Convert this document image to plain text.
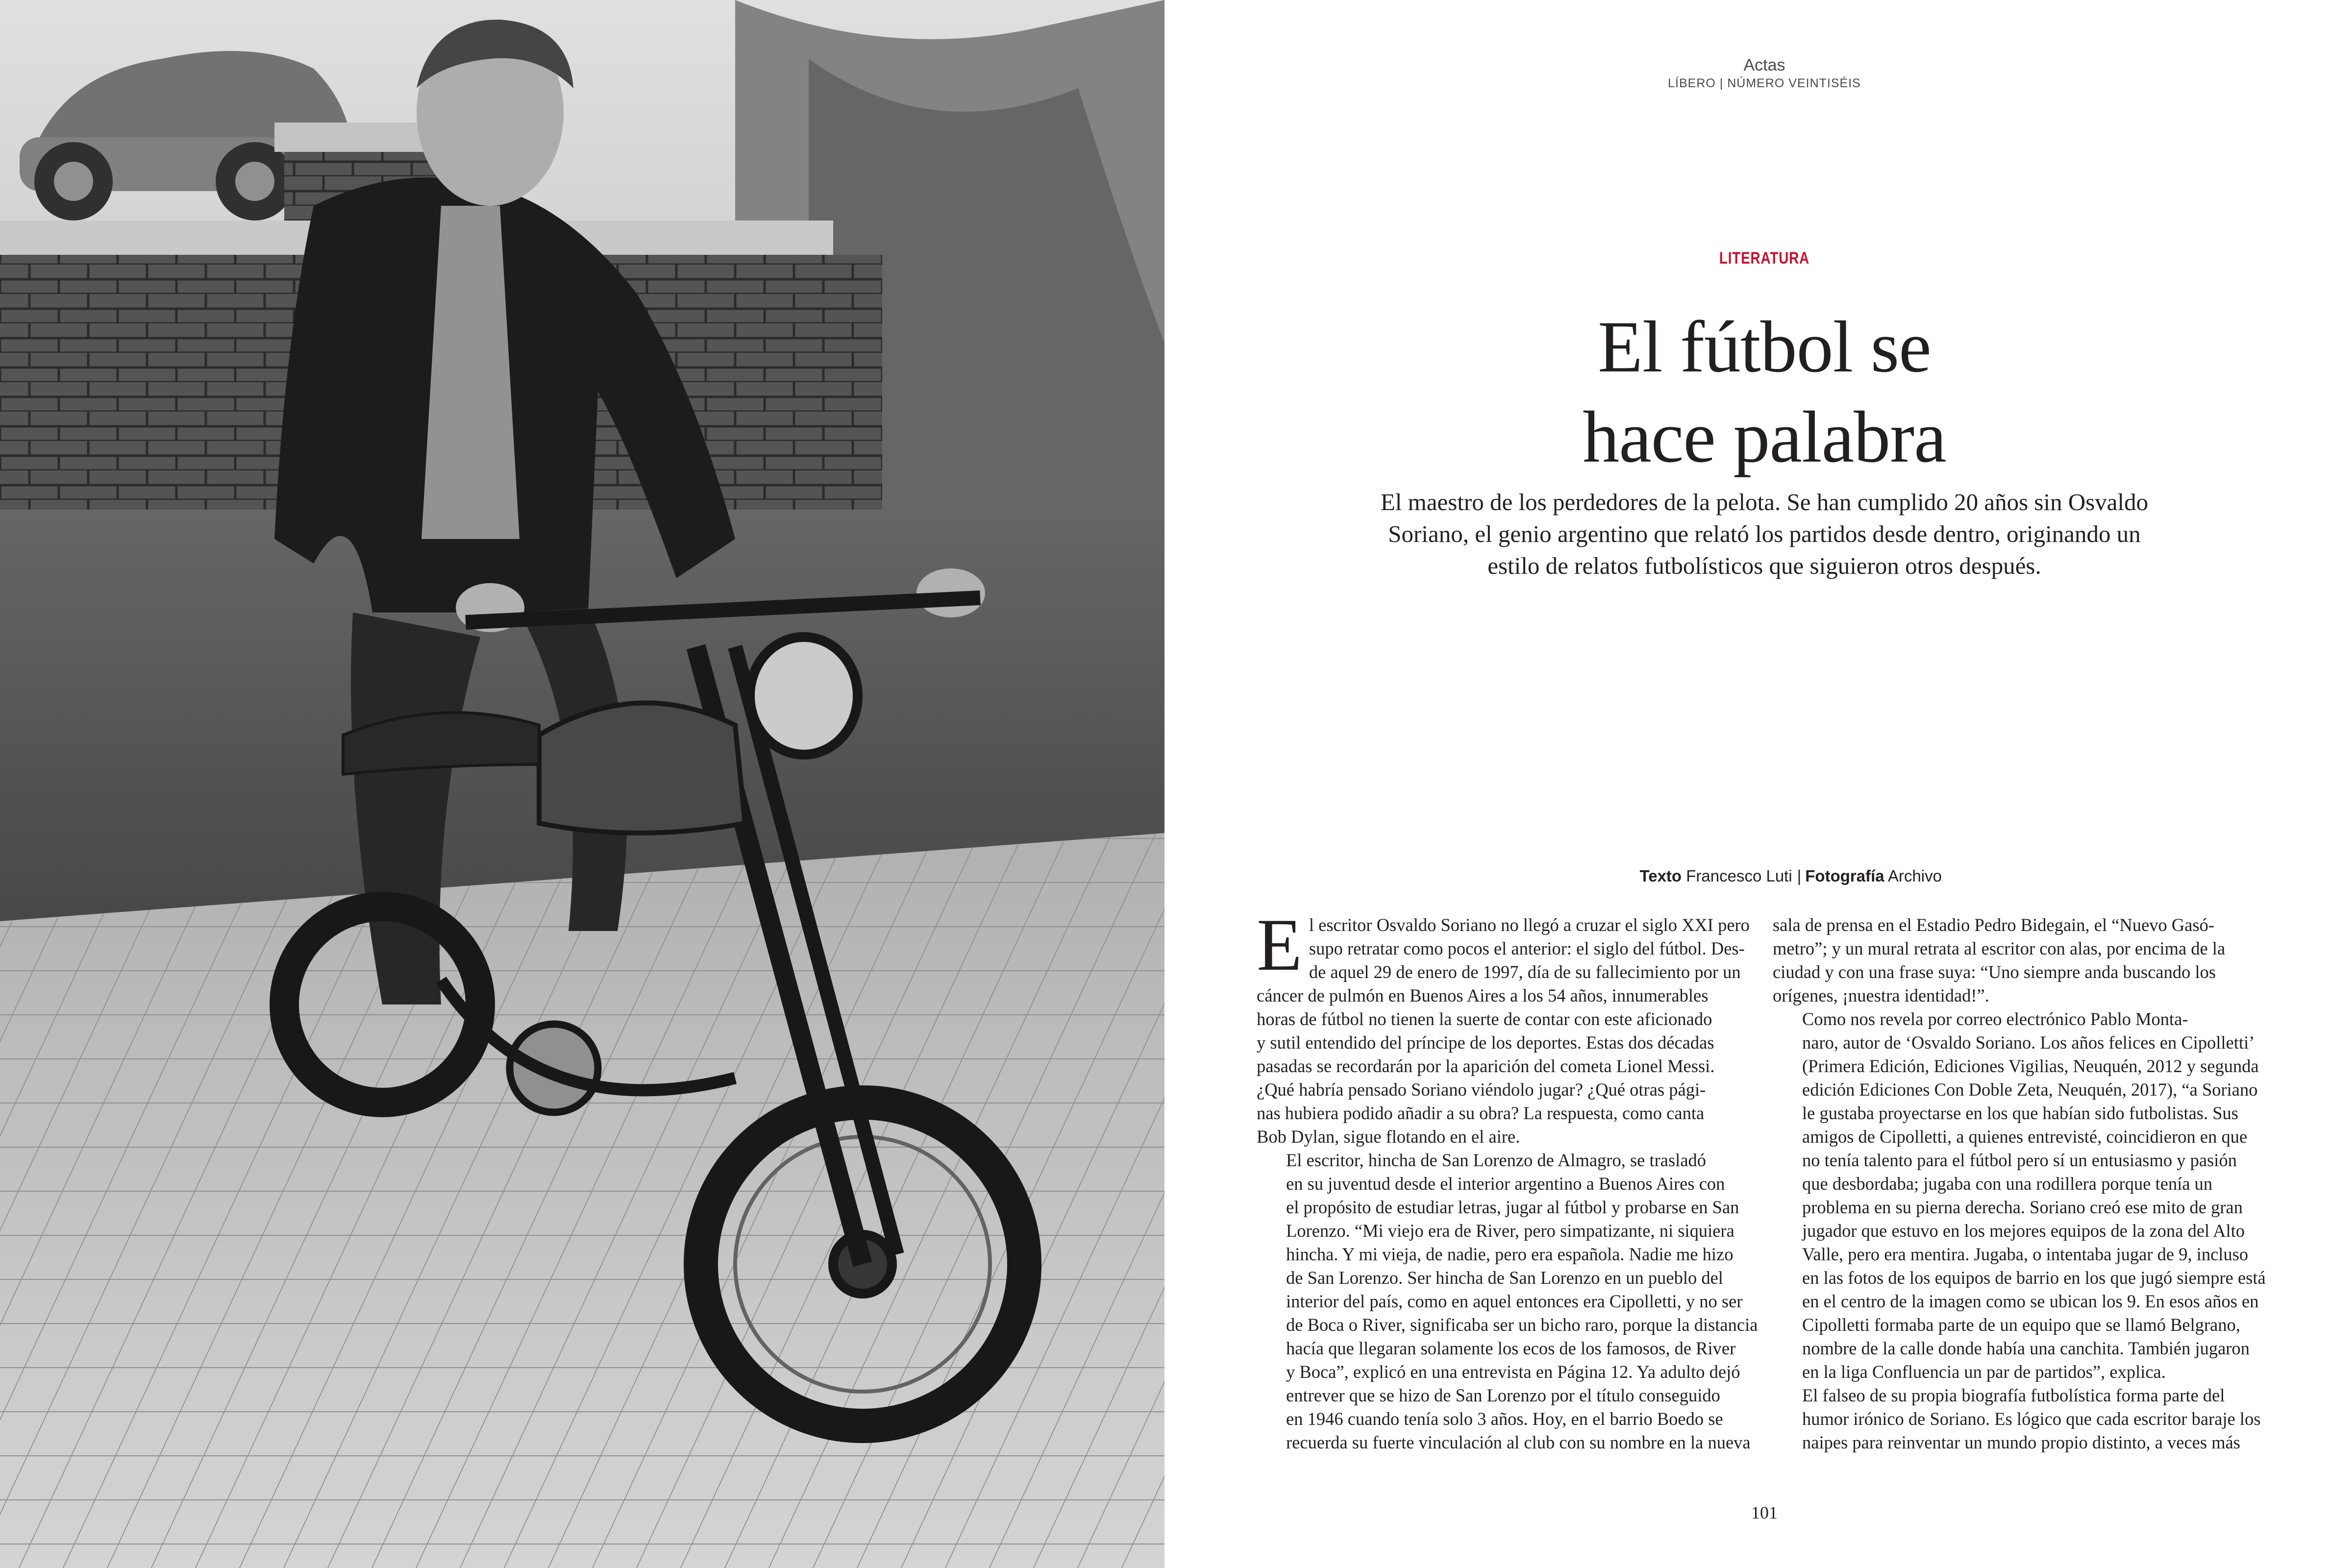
Actas
LÍBERO | NÚMERO VEINTISÉIS
LITERATURA
El fútbol se
hace palabra
El maestro de los perdedores de la pelota. Se han cumplido 20 años sin Osvaldo
Soriano, el genio argentino que relató los partidos desde dentro, originando un
estilo de relatos futbolísticos que siguieron otros después.
Texto Francesco Luti | Fotografía Archivo

E l escritor Osvaldo Soriano no llegó a cruzar el siglo XXI pero
supo retratar como pocos el anterior: el siglo del fútbol. Des-
de aquel 29 de enero de 1997, día de su fallecimiento por un
cáncer de pulmón en Buenos Aires a los 54 años, innumerables
horas de fútbol no tienen la suerte de contar con este aficionado
y sutil entendido del príncipe de los deportes. Estas dos décadas
pasadas se recordarán por la aparición del cometa Lionel Messi.
¿Qué habría pensado Soriano viéndolo jugar? ¿Qué otras pági-
nas hubiera podido añadir a su obra? La respuesta, como canta
Bob Dylan, sigue flotando en el aire.

El escritor, hincha de San Lorenzo de Almagro, se trasladó
en su juventud desde el interior argentino a Buenos Aires con
el propósito de estudiar letras, jugar al fútbol y probarse en San
Lorenzo. “Mi viejo era de River, pero simpatizante, ni siquiera
hincha. Y mi vieja, de nadie, pero era española. Nadie me hizo
de San Lorenzo. Ser hincha de San Lorenzo en un pueblo del
interior del país, como en aquel entonces era Cipolletti, y no ser
de Boca o River, significaba ser un bicho raro, porque la distancia
hacía que llegaran solamente los ecos de los famosos, de River
y Boca”, explicó en una entrevista en Página 12. Ya adulto dejó
entrever que se hizo de San Lorenzo por el título conseguido
en 1946 cuando tenía solo 3 años. Hoy, en el barrio Boedo se
recuerda su fuerte vinculación al club con su nombre en la nueva

sala de prensa en el Estadio Pedro Bidegain, el “Nuevo Gasó-
metro”; y un mural retrata al escritor con alas, por encima de la
ciudad y con una frase suya: “Uno siempre anda buscando los
orígenes, ¡nuestra identidad!”.

Como nos revela por correo electrónico Pablo Monta-
naro, autor de ‘Osvaldo Soriano. Los años felices en Cipolletti’
(Primera Edición, Ediciones Vigilias, Neuquén, 2012 y segunda
edición Ediciones Con Doble Zeta, Neuquén, 2017), “a Soriano
le gustaba proyectarse en los que habían sido futbolistas. Sus
amigos de Cipolletti, a quienes entrevisté, coincidieron en que
no tenía talento para el fútbol pero sí un entusiasmo y pasión
que desbordaba; jugaba con una rodillera porque tenía un
problema en su pierna derecha. Soriano creó ese mito de gran
jugador que estuvo en los mejores equipos de la zona del Alto
Valle, pero era mentira. Jugaba, o intentaba jugar de 9, incluso
en las fotos de los equipos de barrio en los que jugó siempre está
en el centro de la imagen como se ubican los 9. En esos años en
Cipolletti formaba parte de un equipo que se llamó Belgrano,
nombre de la calle donde había una canchita. También jugaron
en la liga Confluencia un par de partidos”, explica.

El falseo de su propia biografía futbolística forma parte del
humor irónico de Soriano. Es lógico que cada escritor baraje los
naipes para reinventar un mundo propio distinto, a veces más

101
